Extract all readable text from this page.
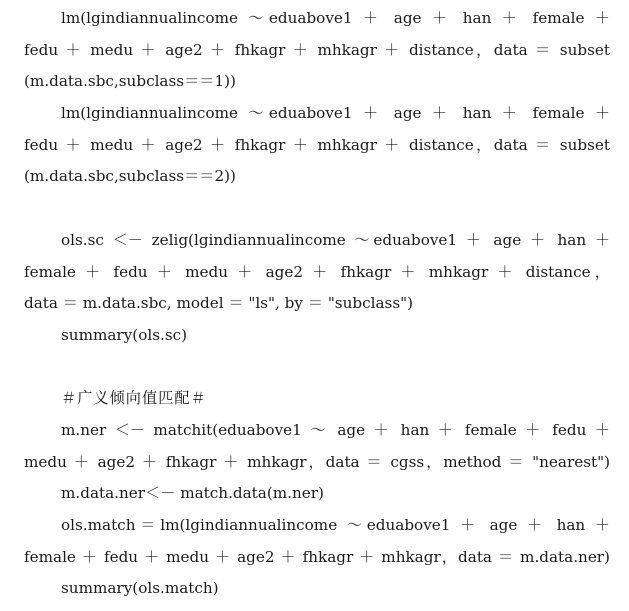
lm(lgindiannualincome ～eduabove1 ＋ age ＋ han ＋ female ＋
fedu ＋ medu ＋ age2 ＋ fhkagr ＋ mhkagr ＋ distance，data ＝ subset
(m.data.sbc,subclass＝＝1))
lm(lgindiannualincome ～eduabove1 ＋ age ＋ han ＋ female ＋
fedu ＋ medu ＋ age2 ＋ fhkagr ＋ mhkagr ＋ distance，data ＝ subset
(m.data.sbc,subclass＝＝2))
ols.sc ＜－ zelig(lgindiannualincome ～eduabove1 ＋ age ＋ han ＋
female ＋ fedu ＋ medu ＋ age2 ＋ fhkagr ＋ mhkagr ＋ distance，
data ＝ m.data.sbc, model ＝ "ls", by ＝ "subclass")
summary(ols.sc)
＃广义倾向值匹配＃
m.ner ＜－ matchit(eduabove1 ～ age ＋ han ＋ female ＋ fedu ＋
medu ＋ age2 ＋ fhkagr ＋ mhkagr，data ＝ cgss，method ＝ "nearest")
m.data.ner＜－ match.data(m.ner)
ols.match＝lm(lgindiannualincome ～eduabove1 ＋ age ＋ han ＋
female ＋ fedu ＋ medu ＋ age2 ＋ fhkagr ＋ mhkagr，data ＝ m.data.ner)
summary(ols.match)
